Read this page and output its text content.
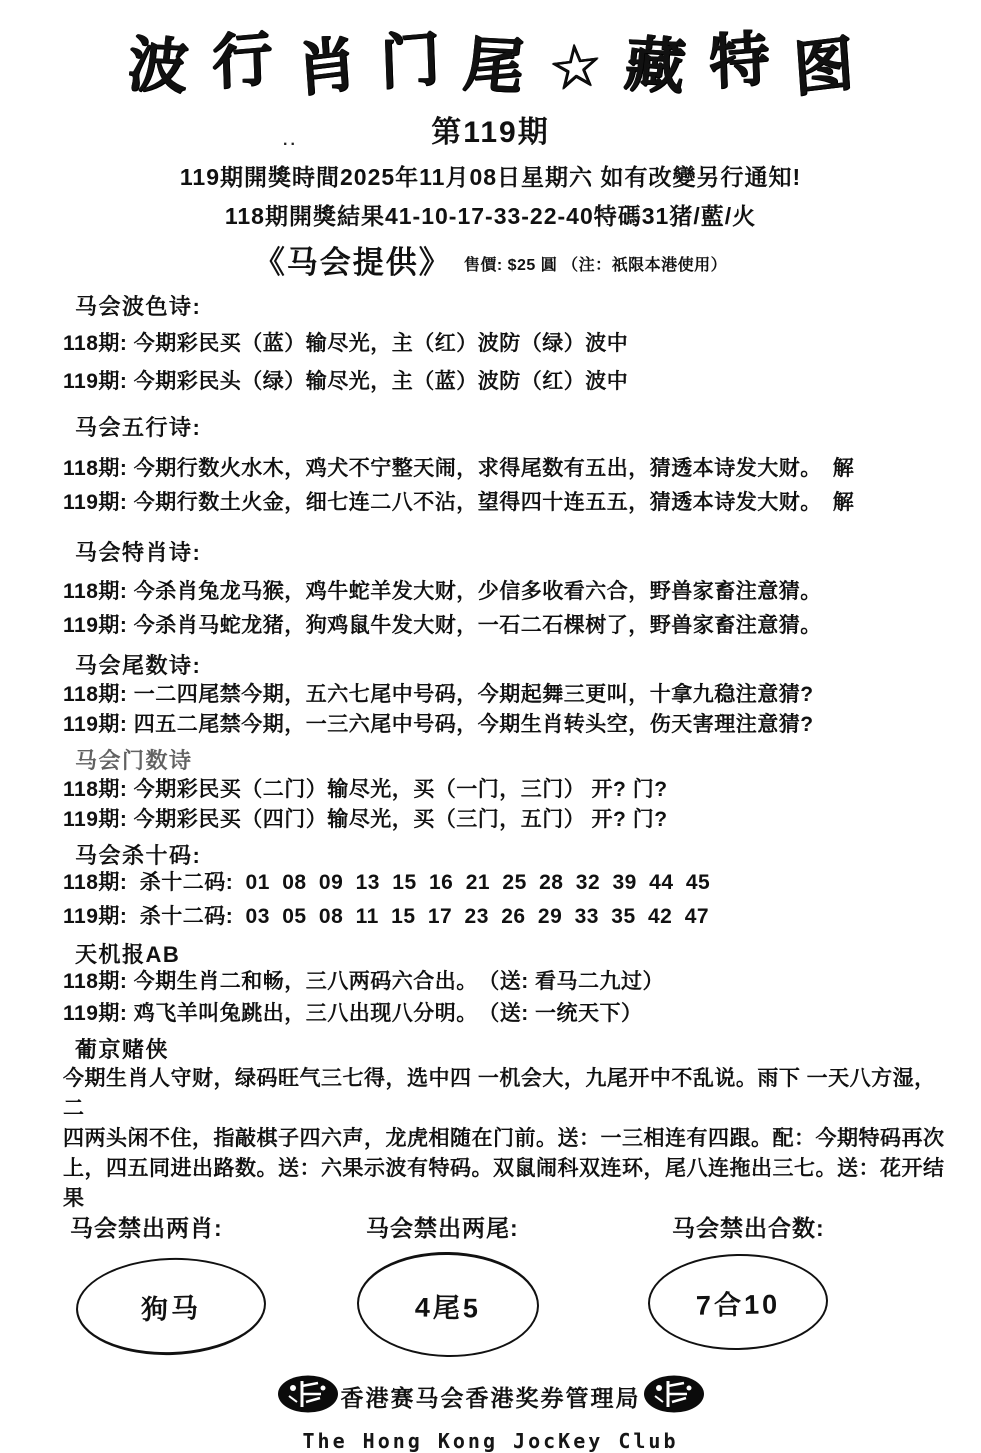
波 行 肖 门 尾 ☆ 藏 特 图
..	第119期
119期開獎時間2025年11月08日星期六 如有改變另行通知!
118期開獎結果41-10-17-33-22-40特碼31猪/藍/火
《马会提供》 售價: $25 圓 （注：祇限本港使用）
马会波色诗:

118期: 今期彩民买（蓝）输尽光，主（红）波防（绿）波中

119期: 今期彩民头（绿）输尽光，主（蓝）波防（红）波中

马会五行诗:

118期: 今期行数火水木，鸡犬不宁整天闹，求得尾数有五出，猜透本诗发大财。　解

119期: 今期行数土火金，细七连二八不沾，望得四十连五五，猜透本诗发大财。　解

马会特肖诗:

118期: 今杀肖兔龙马猴，鸡牛蛇羊发大财，少信多收看六合，野兽家畜注意猜。

119期: 今杀肖马蛇龙猪，狗鸡鼠牛发大财，一石二石棵树了，野兽家畜注意猜。

马会尾数诗:

118期: 一二四尾禁今期，五六七尾中号码，今期起舞三更叫，十拿九稳注意猜?

119期: 四五二尾禁今期，一三六尾中号码，今期生肖转头空，伤天害理注意猜?

马会门数诗

118期: 今期彩民买（二门）输尽光，买（一门，三门） 开? 门?

119期: 今期彩民买（四门）输尽光，买（三门，五门） 开? 门?

马会杀十码:

118期: 杀十二码: 01 08 09 13 15 16 21 25 28 32 39 44 45

119期: 杀十二码: 03 05 08 11 15 17 23 26 29 33 35 42 47

天机报AB

118期: 今期生肖二和畅，三八两码六合出。　（送: 看马二九过）

119期: 鸡飞羊叫兔跳出，三八出现八分明。　（送: 一统天下）

葡京赌侠

今期生肖人守财，绿码旺气三七得，选中四 一机会大，九尾开中不乱说。雨下 一天八方湿，二

四两头闲不住，指敲棋子四六声，龙虎相随在门前。送：一三相连有四跟。配：今期特码再次

上，四五同进出路数。送：六果示波有特码。双鼠闹科双连环，尾八连拖出三七。送：花开结

果

马会禁出两肖:	马会禁出两尾:	马会禁出合数:
狗马	4尾5	7合10
香港赛马会香港奖券管理局
The Hong Kong JocKey Club
